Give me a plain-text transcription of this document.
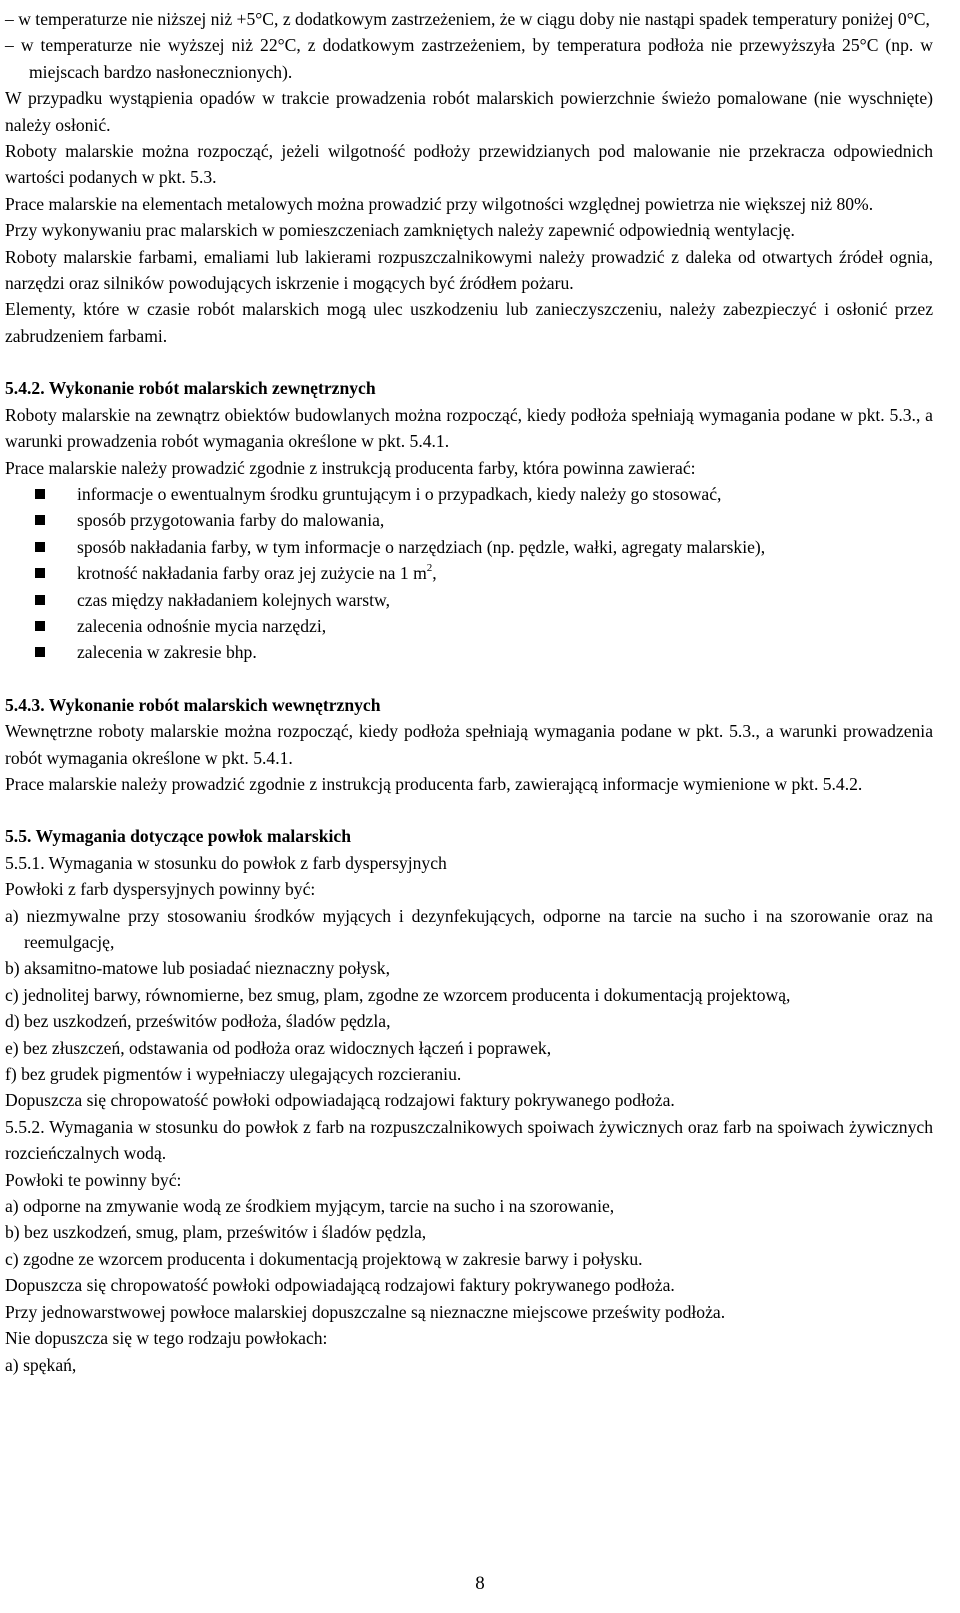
– w temperaturze nie niższej niż +5°C, z dodatkowym zastrzeżeniem, że w ciągu doby nie nastąpi spadek temperatury poniżej 0°C,

– w temperaturze nie wyższej niż 22°C, z dodatkowym zastrzeżeniem, by temperatura podłoża nie przewyższyła 25°C (np. w miejscach bardzo nasłonecznionych).

W przypadku wystąpienia opadów w trakcie prowadzenia robót malarskich powierzchnie świeżo pomalowane (nie wyschnięte) należy osłonić.

Roboty malarskie można rozpocząć, jeżeli wilgotność podłoży przewidzianych pod malowanie nie przekracza odpowiednich wartości podanych w pkt. 5.3.

Prace malarskie na elementach metalowych można prowadzić przy wilgotności względnej powietrza nie większej niż 80%.

Przy wykonywaniu prac malarskich w pomieszczeniach zamkniętych należy zapewnić odpowiednią wentylację.

Roboty malarskie farbami, emaliami lub lakierami rozpuszczalnikowymi należy prowadzić z daleka od otwartych źródeł ognia, narzędzi oraz silników powodujących iskrzenie i mogących być źródłem pożaru.

Elementy, które w czasie robót malarskich mogą ulec uszkodzeniu lub zanieczyszczeniu, należy zabezpieczyć i osłonić przez zabrudzeniem farbami.

5.4.2. Wykonanie robót malarskich zewnętrznych

Roboty malarskie na zewnątrz obiektów budowlanych można rozpocząć, kiedy podłoża spełniają wymagania podane w pkt. 5.3., a warunki prowadzenia robót wymagania określone w pkt. 5.4.1.

Prace malarskie należy prowadzić zgodnie z instrukcją producenta farby, która powinna zawierać:

informacje o ewentualnym środku gruntującym i o przypadkach, kiedy należy go stosować,
sposób przygotowania farby do malowania,
sposób nakładania farby, w tym informacje o narzędziach (np. pędzle, wałki, agregaty malarskie),
krotność nakładania farby oraz jej zużycie na 1 $m^2$,
czas między nakładaniem kolejnych warstw,
zalecenia odnośnie mycia narzędzi,
zalecenia w zakresie bhp.

5.4.3. Wykonanie robót malarskich wewnętrznych

Wewnętrzne roboty malarskie można rozpocząć, kiedy podłoża spełniają wymagania podane w pkt. 5.3., a warunki prowadzenia robót wymagania określone w pkt. 5.4.1.

Prace malarskie należy prowadzić zgodnie z instrukcją producenta farb, zawierającą informacje wymienione w pkt. 5.4.2.

5.5. Wymagania dotyczące powłok malarskich

5.5.1. Wymagania w stosunku do powłok z farb dyspersyjnych

Powłoki z farb dyspersyjnych powinny być:

a) niezmywalne przy stosowaniu środków myjących i dezynfekujących, odporne na tarcie na sucho i na szorowanie oraz na reemulgację,

b) aksamitno-matowe lub posiadać nieznaczny połysk,

c) jednolitej barwy, równomierne, bez smug, plam, zgodne ze wzorcem producenta i dokumentacją projektową,

d) bez uszkodzeń, prześwitów podłoża, śladów pędzla,

e) bez złuszczeń, odstawania od podłoża oraz widocznych łączeń i poprawek,

f) bez grudek pigmentów i wypełniaczy ulegających rozcieraniu.

Dopuszcza się chropowatość powłoki odpowiadającą rodzajowi faktury pokrywanego podłoża.

5.5.2. Wymagania w stosunku do powłok z farb na rozpuszczalnikowych spoiwach żywicznych oraz farb na spoiwach żywicznych rozcieńczalnych wodą.

Powłoki te powinny być:

a) odporne na zmywanie wodą ze środkiem myjącym, tarcie na sucho i na szorowanie,

b) bez uszkodzeń, smug, plam, prześwitów i śladów pędzla,

c) zgodne ze wzorcem producenta i dokumentacją projektową w zakresie barwy i połysku.

Dopuszcza się chropowatość powłoki odpowiadającą rodzajowi faktury pokrywanego podłoża.

Przy jednowarstwowej powłoce malarskiej dopuszczalne są nieznaczne miejscowe prześwity podłoża.

Nie dopuszcza się w tego rodzaju powłokach:

a) spękań,

8
